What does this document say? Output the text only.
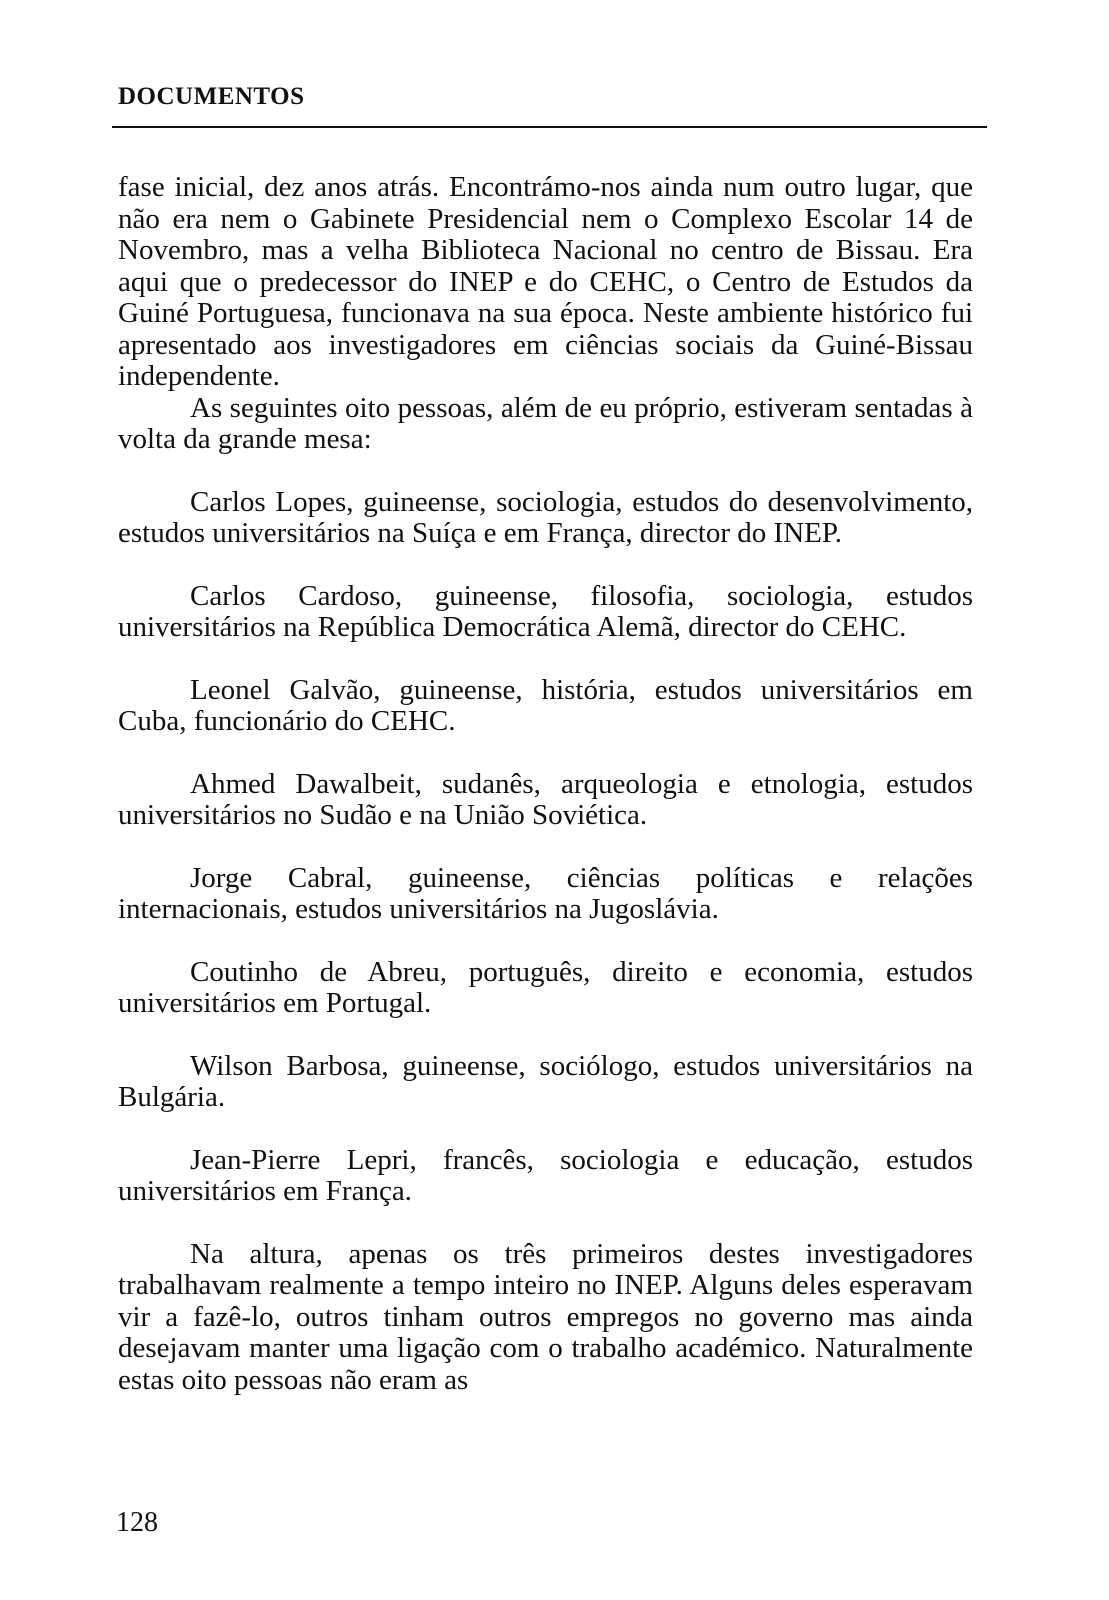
DOCUMENTOS

fase inicial, dez anos atrás. Encontrámo-nos ainda num outro lugar, que não era nem o Gabinete Presidencial nem o Complexo Escolar 14 de Novembro, mas a velha Biblioteca Nacional no centro de Bissau. Era aqui que o predecessor do INEP e do CEHC, o Centro de Estudos da Guiné Portuguesa, funcionava na sua época. Neste ambiente histórico fui apresentado aos investigadores em ciências sociais da Guiné-Bissau independente.

As seguintes oito pessoas, além de eu próprio, estiveram sentadas à volta da grande mesa:

Carlos Lopes, guineense, sociologia, estudos do desenvolvimento, estudos universitários na Suíça e em França, director do INEP.

Carlos Cardoso, guineense, filosofia, sociologia, estudos universitários na República Democrática Alemã, director do CEHC.

Leonel Galvão, guineense, história, estudos universitários em Cuba, funcionário do CEHC.

Ahmed Dawalbeit, sudanês, arqueologia e etnologia, estudos universitários no Sudão e na União Soviética.

Jorge Cabral, guineense, ciências políticas e relações internacionais, estudos universitários na Jugoslávia.

Coutinho de Abreu, português, direito e economia, estudos universitários em Portugal.

Wilson Barbosa, guineense, sociólogo, estudos universitários na Bulgária.

Jean-Pierre Lepri, francês, sociologia e educação, estudos universitários em França.

Na altura, apenas os três primeiros destes investigadores trabalhavam realmente a tempo inteiro no INEP. Alguns deles esperavam vir a fazê-lo, outros tinham outros empregos no governo mas ainda desejavam manter uma ligação com o trabalho académico. Naturalmente estas oito pessoas não eram as

128
